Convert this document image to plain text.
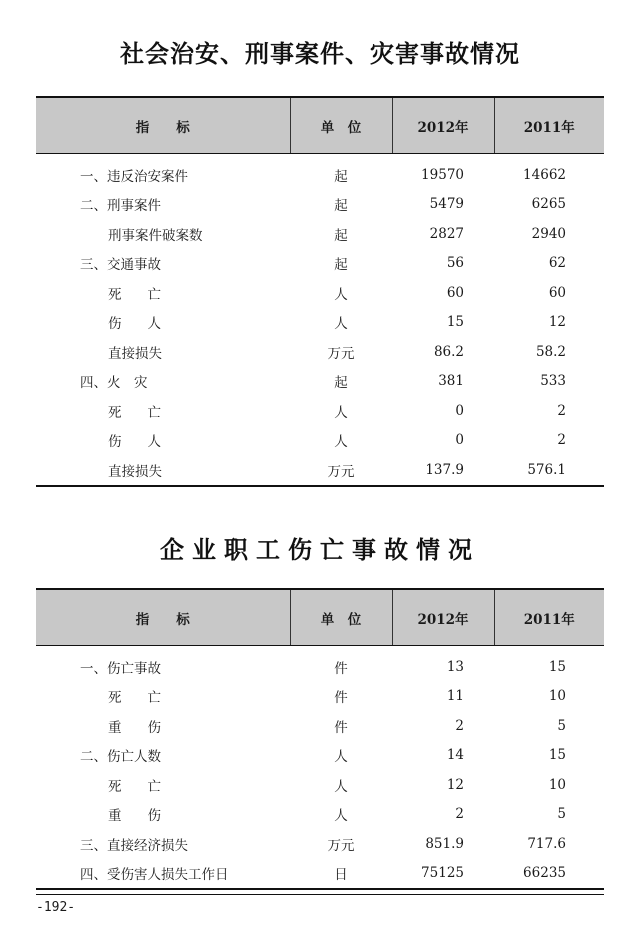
社会治安、刑事案件、灾害事故情况
指　　标	单　位	2012年	2011年
一、违反治安案件	起	19570	14662
二、刑事案件	起	5479	6265
刑事案件破案数	起	2827	2940
三、交通事故	起	56	62
死亡	人	60	60
伤人	人	15	12
直接损失	万元	86.2	58.2
四、火　灾	起	381	533
死亡	人	0	2
伤人	人	0	2
直接损失	万元	137.9	576.1
企业职工伤亡事故情况
指　　标	单　位	2012年	2011年
一、伤亡事故	件	13	15
死亡	件	11	10
重伤	件	2	5
二、伤亡人数	人	14	15
死亡	人	12	10
重伤	人	2	5
三、直接经济损失	万元	851.9	717.6
四、受伤害人损失工作日	日	75125	66235
-192-
